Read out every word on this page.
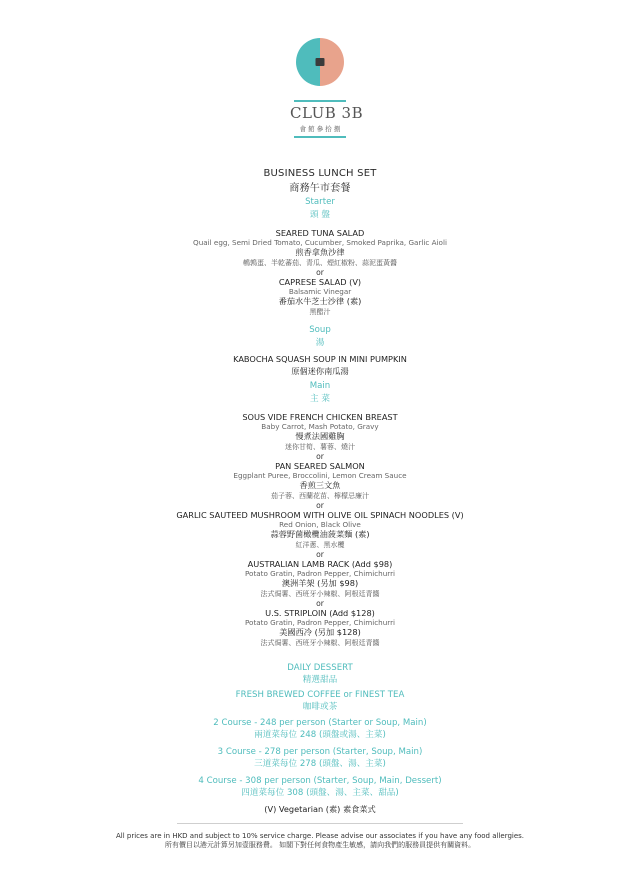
CLUB 3B
會 館 參 拾 捌
BUSINESS LUNCH SET
商務午市套餐
Starter
頭 盤
SEARED TUNA SALAD
Quail egg, Semi Dried Tomato, Cucumber, Smoked Paprika, Garlic Aioli
煎香拿魚沙律
鵪鶉蛋、半乾蕃茄、青瓜、煙紅椒粉、蒜泥蛋黃醬
or
CAPRESE SALAD (V)
Balsamic Vinegar
番茄水牛芝士沙律 (素)
黑醋汁
Soup
湯
KABOCHA SQUASH SOUP IN MINI PUMPKIN
原個迷你南瓜湯
Main
主 菜
SOUS VIDE FRENCH CHICKEN BREAST
Baby Carrot, Mash Potato, Gravy
慢煮法國雞胸
迷你甘筍、薯蓉、燒汁
or
PAN SEARED SALMON
Eggplant Puree, Broccolini, Lemon Cream Sauce
香煎三文魚
茄子蓉、西蘭花苗、檸檬忌廉汁
or
GARLIC SAUTEED MUSHROOM WITH OLIVE OIL SPINACH NOODLES (V)
Red Onion, Black Olive
蒜蓉野菌橄欖油菠菜麵 (素)
紅洋蔥、黑水欖
or
AUSTRALIAN LAMB RACK (Add $98)
Potato Gratin, Padron Pepper, Chimichurri
澳洲羊架 (另加 $98)
法式焗薯、西班牙小辣椒、阿根廷青醬
or
U.S. STRIPLOIN (Add $128)
Potato Gratin, Padron Pepper, Chimichurri
美國西冷 (另加 $128)
法式焗薯、西班牙小辣椒、阿根廷青醬
DAILY DESSERT
精選甜品
FRESH BREWED COFFEE or FINEST TEA
咖啡或茶
2 Course - 248 per person (Starter or Soup, Main)
兩道菜每位 248 (頭盤或湯、主菜)
3 Course - 278 per person (Starter, Soup, Main)
三道菜每位 278 (頭盤、湯、主菜)
4 Course - 308 per person (Starter, Soup, Main, Dessert)
四道菜每位 308 (頭盤、湯、主菜、甜品)
(V) Vegetarian (素) 素食菜式
All prices are in HKD and subject to 10% service charge. Please advise our associates if you have any food allergies.
所有價目以港元計算另加壹服務費。 如閣下對任何食物產生敏感，請向我們的服務員提供有關資料。
